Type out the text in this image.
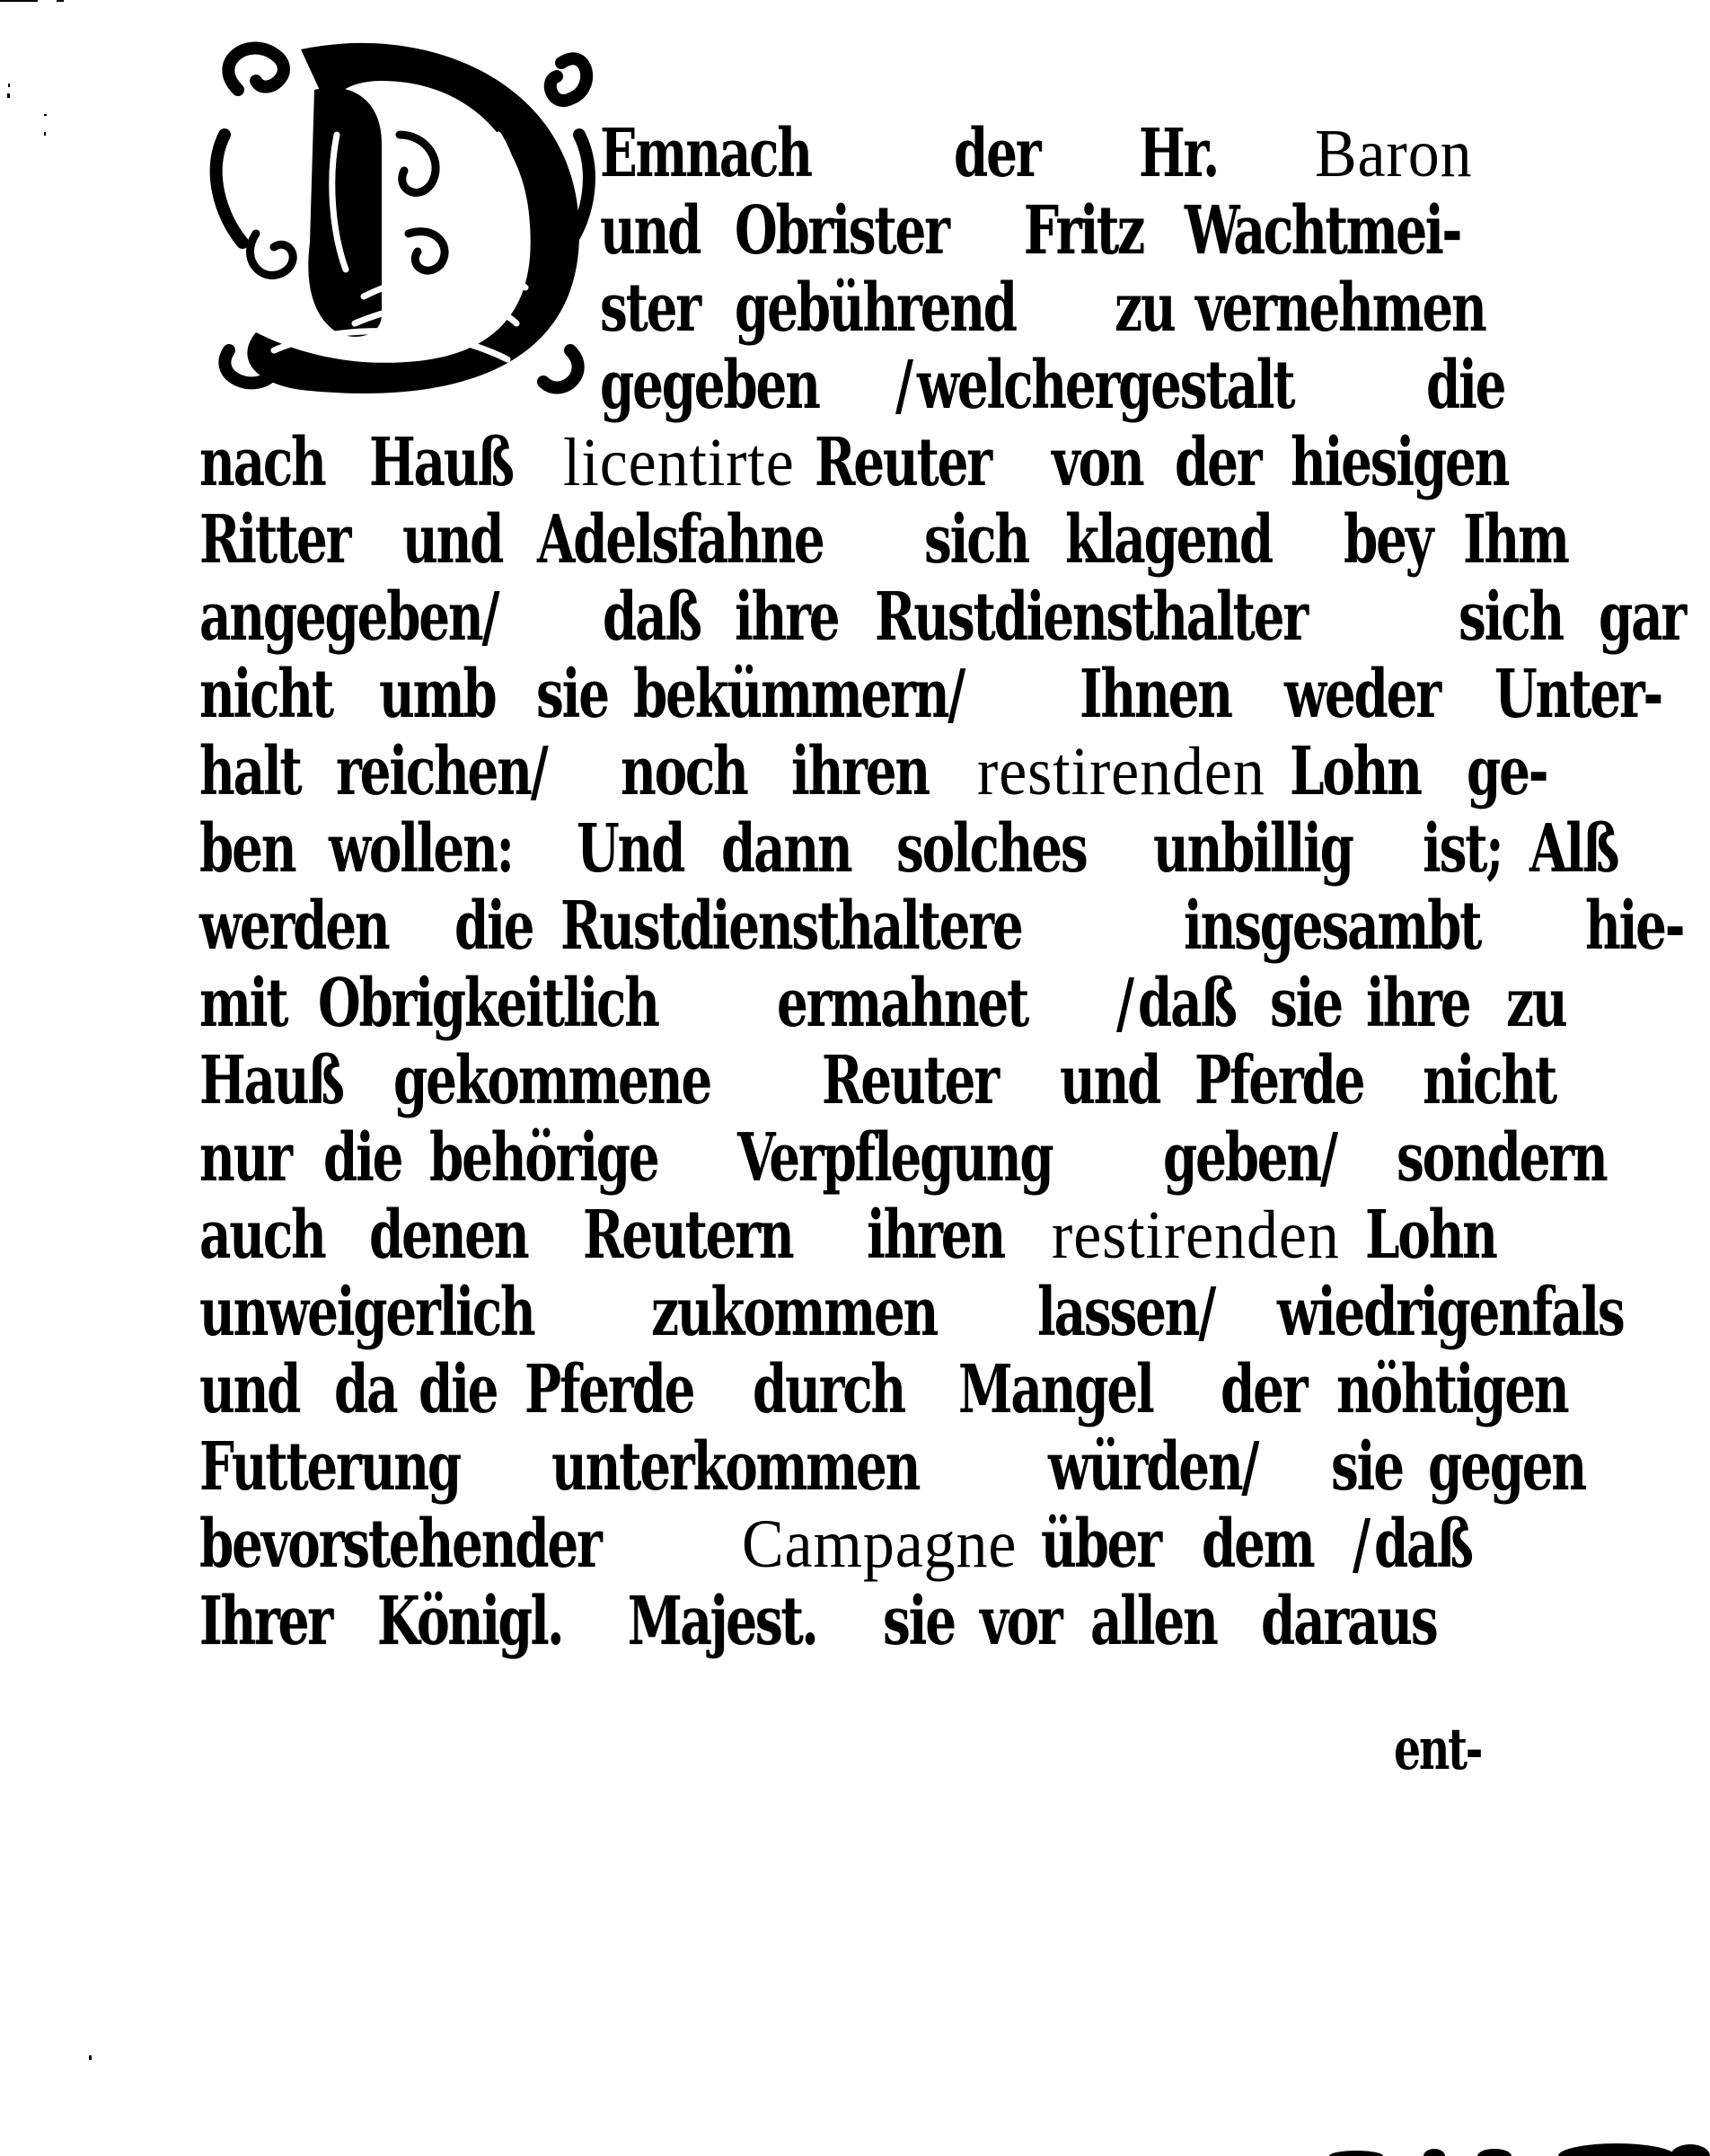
Emnach der Hr. Baron
und Obrister Fritz Wachtmei-
ster gebührend zu vernehmen
gegeben / welchergestalt die
nach Hauß licentirte Reuter von der hiesigen
Ritter und Adelsfahne sich klagend bey Ihm
angegeben/ daß ihre Rustdiensthalter sich gar
nicht umb sie bekümmern/ Ihnen weder Unter-
halt reichen/ noch ihren restirenden Lohn ge-
ben wollen: Und dann solches unbillig ist; Alß
werden die Rustdiensthaltere insgesambt hie-
mit Obrigkeitlich ermahnet / daß sie ihre zu
Hauß gekommene Reuter und Pferde nicht
nur die behörige Verpflegung geben/ sondern
auch denen Reutern ihren restirenden Lohn
unweigerlich zukommen lassen/ wiedrigenfals
und da die Pferde durch Mangel der nöhtigen
Futterung unterkommen würden/ sie gegen
bevorstehender Campagne über dem / daß
Ihrer Königl. Majest. sie vor allen daraus
ent-
